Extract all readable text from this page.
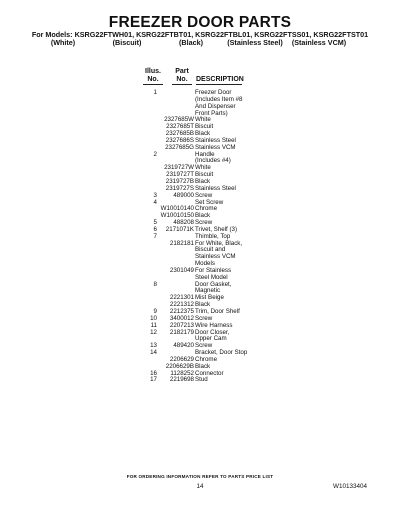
FREEZER DOOR PARTS
For Models: KSRG22FTWH01, KSRG22FTBT01, KSRG22FTBL01, KSRG22FTSS01, KSRG22FTST01
(White)	(Biscuit)	(Black)	(Stainless Steel) (Stainless VCM)
Illus.
No.
Part
No.	DESCRIPTION
1	Freezer Door
(Includes Item #8
And Dispenser
Front Parts)
2327685W White
2327685T Biscuit
2327685B Black
2327686S Stainless Steel
2327685G Stainless VCM
2	Handle
(Includes #4)
2319727W White
2319727T Biscuit
2319727B Black
2319727S Stainless Steel
3	489000 Screw
4	Set Screw
W10010140 Chrome
W10010150 Black
5	488208 Screw
6	2171071K Trivet, Shelf (3)
7	Thimble, Top
2182181 For White, Black,
Biscuit and
Stainless VCM
Models
2301049 For Stainless
Steel Model
8	Door Gasket,
Magnetic
2221301 Mist Beige
2221312 Black
9	2212375 Trim, Door Shelf
10	3400012 Screw
11	2207213 Wire Harness
12	2182179 Door Closer,
Upper Cam
13	489420 Screw
14	Bracket, Door Stop
2206629 Chrome
2206629B Black
16	1128252 Connector
17	2219698 Stud
FOR ORDERING INFORMATION REFER TO PARTS PRICE LIST
14	W10133404
